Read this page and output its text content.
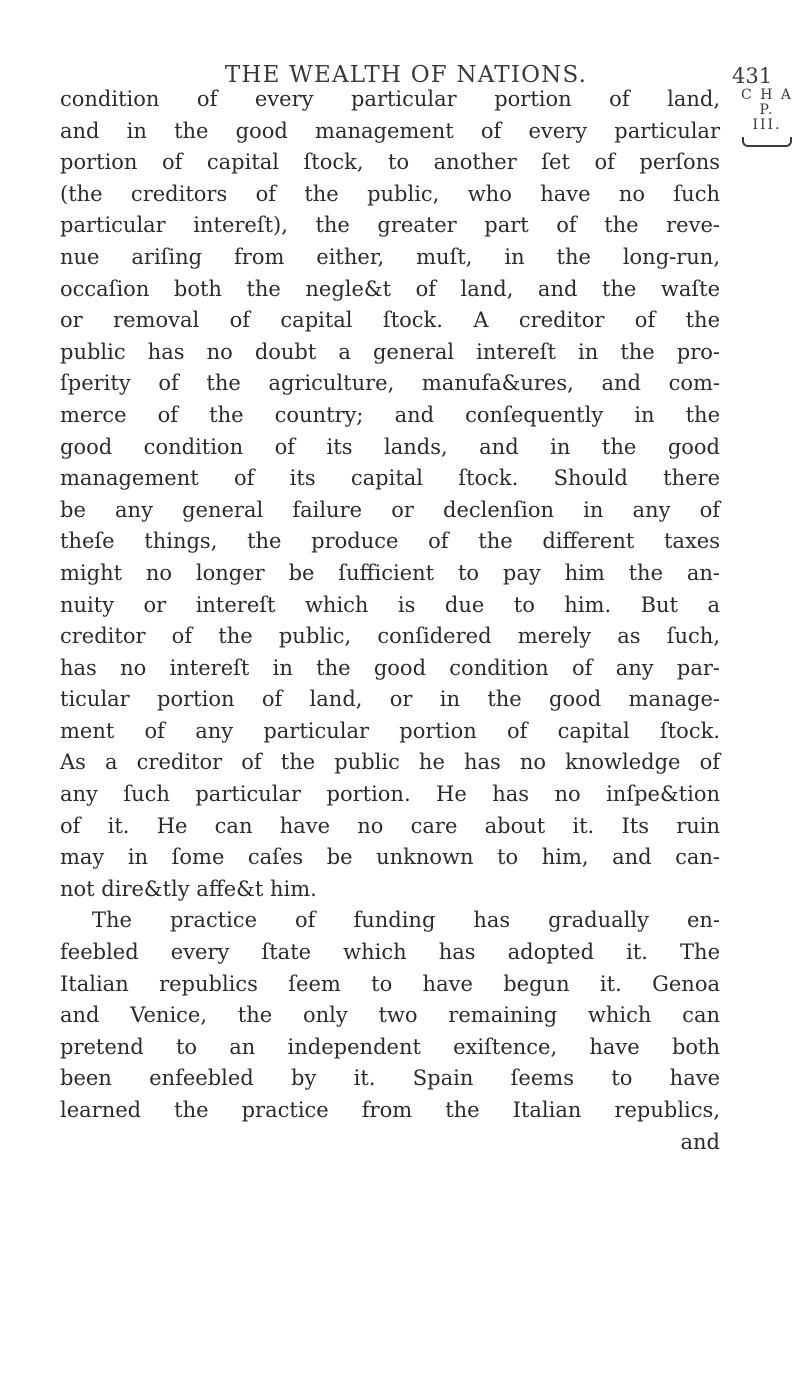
THE WEALTH OF NATIONS.	431
C H A P.
III.
condition of every particular portion of land,
and in the good management of every particular
portion of capital ſtock, to another ſet of perſons
(the creditors of the public, who have no ſuch
particular intereſt), the greater part of the reve-
nue ariſing from either, muſt, in the long-run,
occaſion both the negle&t of land, and the waſte
or removal of capital ſtock. A creditor of the
public has no doubt a general intereſt in the pro-
ſperity of the agriculture, manufa&ures, and com-
merce of the country; and conſequently in the
good condition of its lands, and in the good
management of its capital ſtock. Should there
be any general failure or declenſion in any of
theſe things, the produce of the different taxes
might no longer be ſufficient to pay him the an-
nuity or intereſt which is due to him. But a
creditor of the public, conſidered merely as ſuch,
has no intereſt in the good condition of any par-
ticular portion of land, or in the good manage-
ment of any particular portion of capital ſtock.
As a creditor of the public he has no knowledge of
any ſuch particular portion. He has no inſpe&tion
of it. He can have no care about it. Its ruin
may in ſome caſes be unknown to him, and can-
not dire&tly affe&t him.
The practice of funding has gradually en-
feebled every ſtate which has adopted it. The
Italian republics ſeem to have begun it. Genoa
and Venice, the only two remaining which can
pretend to an independent exiſtence, have both
been enfeebled by it. Spain ſeems to have
learned the practice from the Italian republics,
and
